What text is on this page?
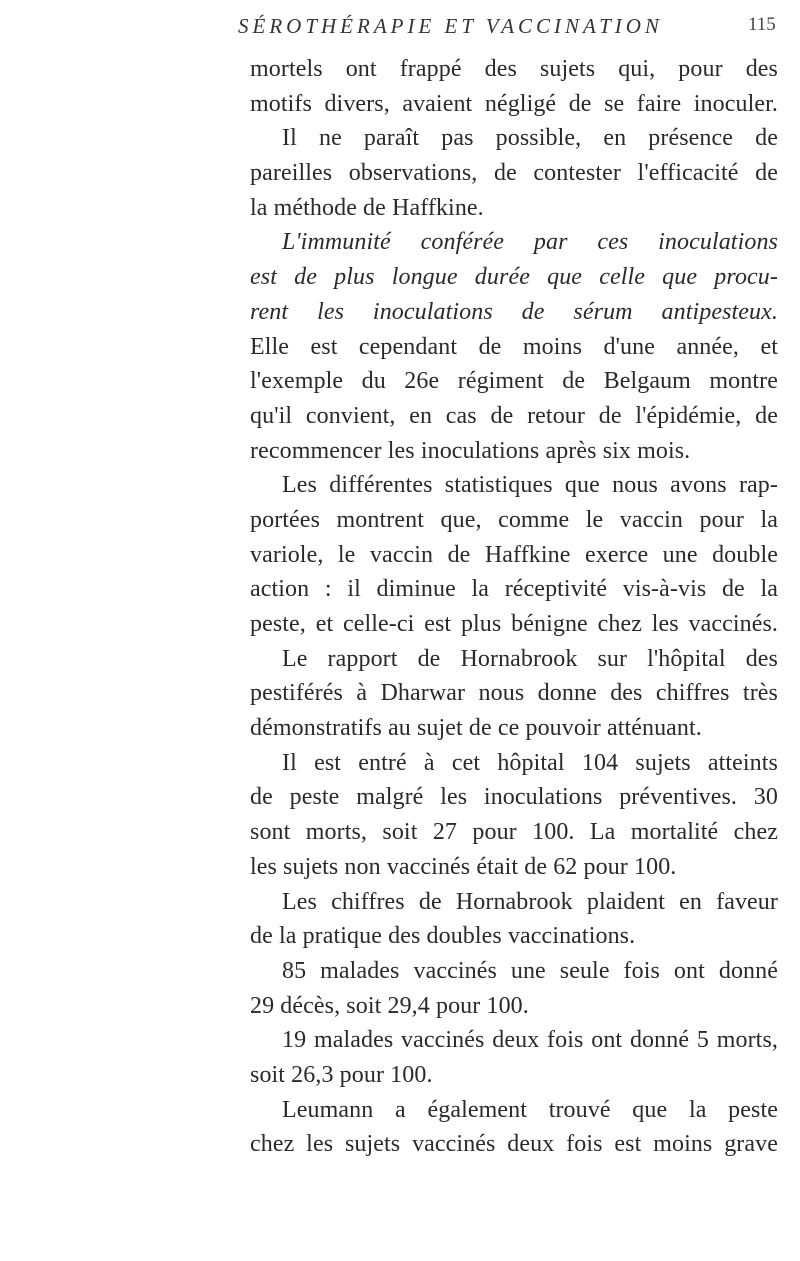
SÉROTHÉRAPIE ET VACCINATION	115
mortels ont frappé des sujets qui, pour des
motifs divers, avaient négligé de se faire inoculer.
Il ne paraît pas possible, en présence de
pareilles observations, de contester l'efficacité de
la méthode de Haffkine.
L'immunité conférée par ces inoculations
est de plus longue durée que celle que procu-
rent les inoculations de sérum antipesteux.
Elle est cependant de moins d'une année, et
l'exemple du 26e régiment de Belgaum montre
qu'il convient, en cas de retour de l'épidémie, de
recommencer les inoculations après six mois.
Les différentes statistiques que nous avons rap-
portées montrent que, comme le vaccin pour la
variole, le vaccin de Haffkine exerce une double
action : il diminue la réceptivité vis-à-vis de la
peste, et celle-ci est plus bénigne chez les vaccinés.
Le rapport de Hornabrook sur l'hôpital des
pestiférés à Dharwar nous donne des chiffres très
démonstratifs au sujet de ce pouvoir atténuant.
Il est entré à cet hôpital 104 sujets atteints
de peste malgré les inoculations préventives. 30
sont morts, soit 27 pour 100. La mortalité chez
les sujets non vaccinés était de 62 pour 100.
Les chiffres de Hornabrook plaident en faveur
de la pratique des doubles vaccinations.
85 malades vaccinés une seule fois ont donné
29 décès, soit 29,4 pour 100.
19 malades vaccinés deux fois ont donné 5 morts,
soit 26,3 pour 100.
Leumann a également trouvé que la peste
chez les sujets vaccinés deux fois est moins grave
